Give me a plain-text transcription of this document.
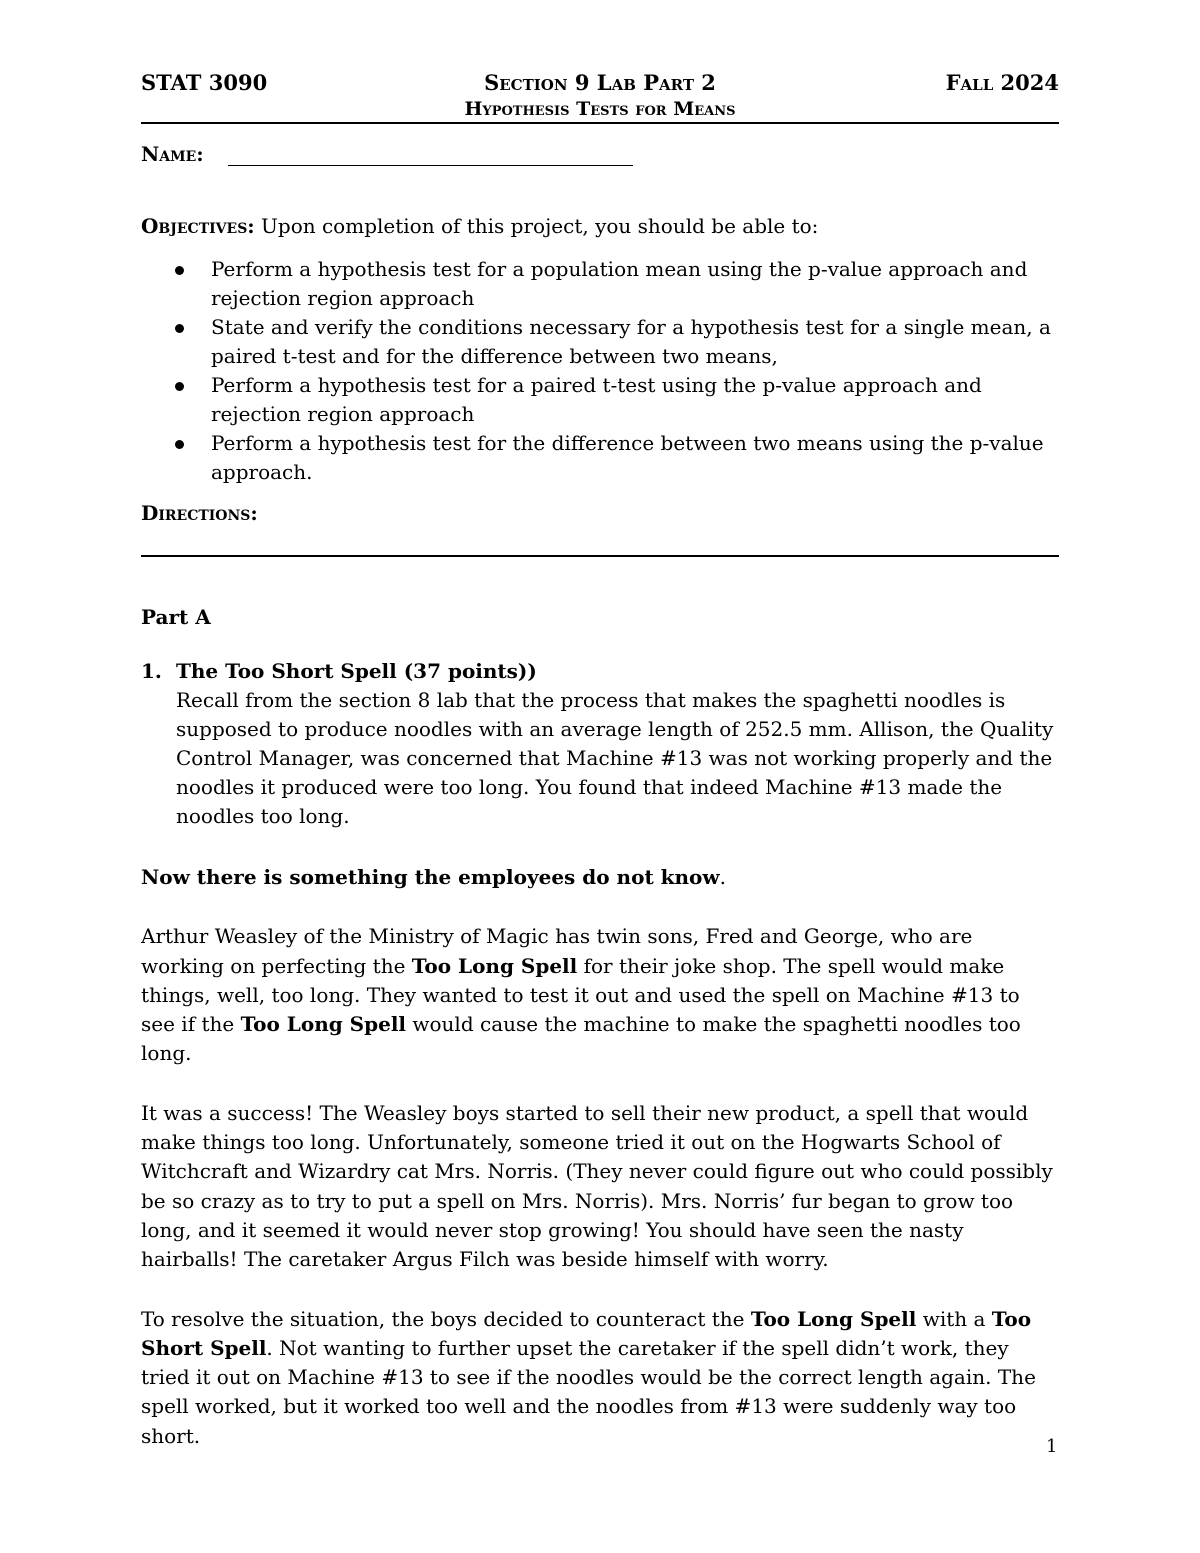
STAT 3090	Section 9 Lab Part 2	Fall 2024
Hypothesis Tests for Means
Name:
Objectives: Upon completion of this project, you should be able to:
Perform a hypothesis test for a population mean using the p-value approach and rejection region approach
State and verify the conditions necessary for a hypothesis test for a single mean, a paired t-test and for the difference between two means,
Perform a hypothesis test for a paired t-test using the p-value approach and rejection region approach
Perform a hypothesis test for the difference between two means using the p-value approach.
Directions:
Part A
1. The Too Short Spell (37 points))
Recall from the section 8 lab that the process that makes the spaghetti noodles is supposed to produce noodles with an average length of 252.5 mm. Allison, the Quality Control Manager, was concerned that Machine #13 was not working properly and the noodles it produced were too long. You found that indeed Machine #13 made the noodles too long.

Now there is something the employees do not know.

Arthur Weasley of the Ministry of Magic has twin sons, Fred and George, who are working on perfecting the Too Long Spell for their joke shop. The spell would make things, well, too long. They wanted to test it out and used the spell on Machine #13 to see if the Too Long Spell would cause the machine to make the spaghetti noodles too long.

It was a success! The Weasley boys started to sell their new product, a spell that would make things too long. Unfortunately, someone tried it out on the Hogwarts School of Witchcraft and Wizardry cat Mrs. Norris. (They never could figure out who could possibly be so crazy as to try to put a spell on Mrs. Norris). Mrs. Norris’ fur began to grow too long, and it seemed it would never stop growing! You should have seen the nasty hairballs! The caretaker Argus Filch was beside himself with worry.

To resolve the situation, the boys decided to counteract the Too Long Spell with a Too Short Spell. Not wanting to further upset the caretaker if the spell didn’t work, they tried it out on Machine #13 to see if the noodles would be the correct length again. The spell worked, but it worked too well and the noodles from #13 were suddenly way too short.	1
